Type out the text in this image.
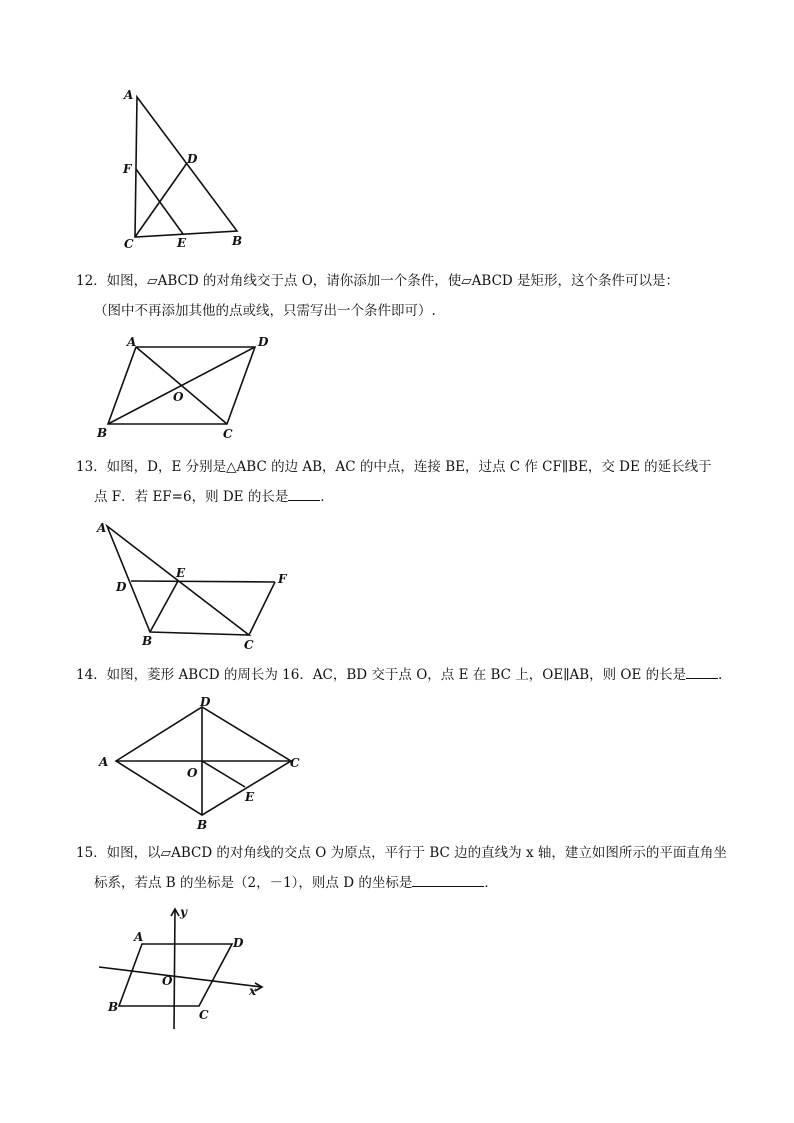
A
F
D
C	E	B
12．如图，▱ABCD 的对角线交于点 O，请你添加一个条件，使▱ABCD 是矩形，这个条件可以是：
（图中不再添加其他的点或线，只需写出一个条件即可）.
A	D
O
B	C
13．如图，D，E 分别是△ABC 的边 AB，AC 的中点，连接 BE，过点 C 作 CF∥BE，交 DE 的延长线于
点 F．若 EF=6，则 DE 的长是 ．
A
D
E	F
B	C
14．如图，菱形 ABCD 的周长为 16．AC，BD 交于点 O，点 E 在 BC 上，OE∥AB，则 OE 的长是 ．
A
D
O
C
E
B
15．如图，以▱ABCD 的对角线的交点 O 为原点，平行于 BC 边的直线为 x 轴，建立如图所示的平面直角坐
标系，若点 B 的坐标是（2，－1），则点 D 的坐标是	．
y
A	D
O
x
B
C
